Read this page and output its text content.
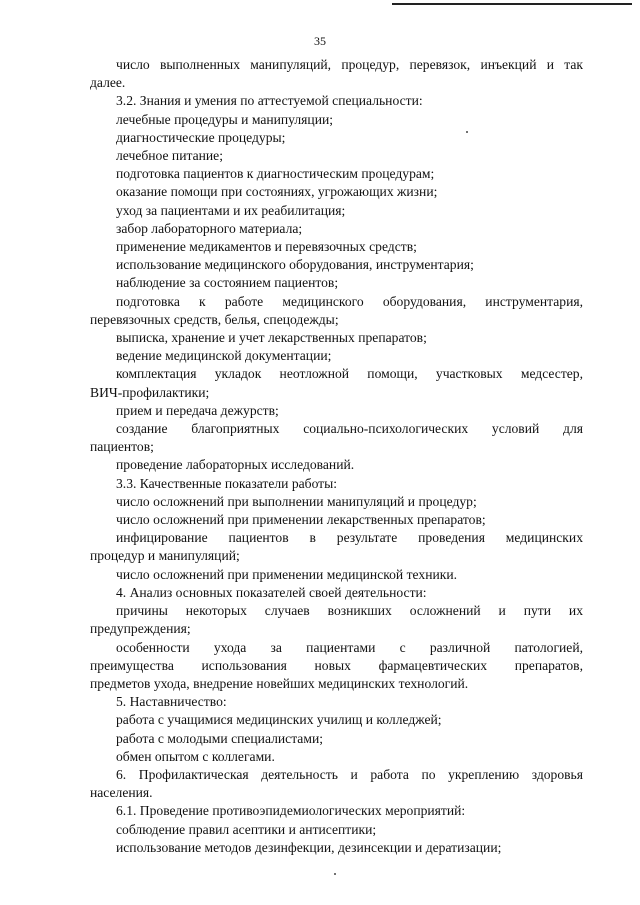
35
число выполненных манипуляций, процедур, перевязок, инъекций и так
далее.
3.2. Знания и умения по аттестуемой специальности:
лечебные процедуры и манипуляции;
диагностические процедуры;
лечебное питание;
подготовка пациентов к диагностическим процедурам;
оказание помощи при состояниях, угрожающих жизни;
уход за пациентами и их реабилитация;
забор лабораторного материала;
применение медикаментов и перевязочных средств;
использование медицинского оборудования, инструментария;
наблюдение за состоянием пациентов;
подготовка к работе медицинского оборудования, инструментария,
перевязочных средств, белья, спецодежды;
выписка, хранение и учет лекарственных препаратов;
ведение медицинской документации;
комплектация укладок неотложной помощи, участковых медсестер,
ВИЧ-профилактики;
прием и передача дежурств;
создание благоприятных социально-психологических условий для
пациентов;
проведение лабораторных исследований.
3.3. Качественные показатели работы:
число осложнений при выполнении манипуляций и процедур;
число осложнений при применении лекарственных препаратов;
инфицирование пациентов в результате проведения медицинских
процедур и манипуляций;
число осложнений при применении медицинской техники.
4. Анализ основных показателей своей деятельности:
причины некоторых случаев возникших осложнений и пути их
предупреждения;
особенности ухода за пациентами с различной патологией,
преимущества использования новых фармацевтических препаратов,
предметов ухода, внедрение новейших медицинских технологий.
5. Наставничество:
работа с учащимися медицинских училищ и колледжей;
работа с молодыми специалистами;
обмен опытом с коллегами.
6. Профилактическая деятельность и работа по укреплению здоровья
населения.
6.1. Проведение противоэпидемиологических мероприятий:
соблюдение правил асептики и антисептики;
использование методов дезинфекции, дезинсекции и дератизации;
